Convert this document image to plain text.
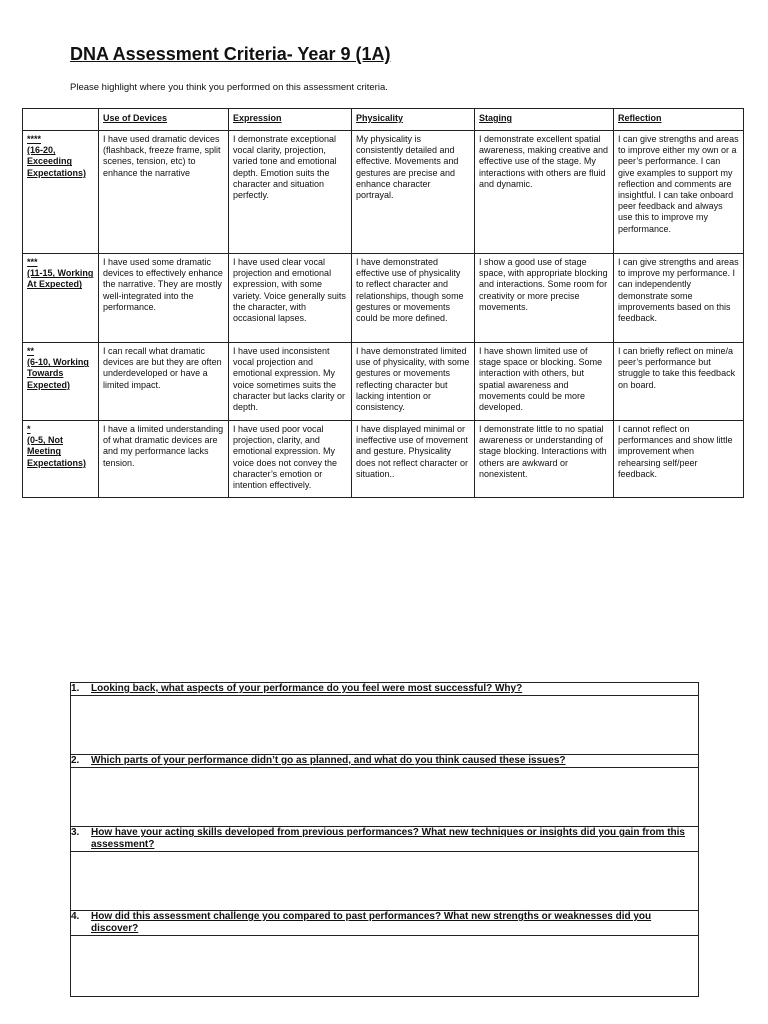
DNA Assessment Criteria- Year 9 (1A)

Please highlight where you think you performed on this assessment criteria.

	Use of Devices	Expression	Physicality	Staging	Reflection

****
(16-20, Exceeding Expectations)	I have used dramatic devices (flashback, freeze frame, split scenes, tension, etc) to enhance the narrative	I demonstrate exceptional vocal clarity, projection, varied tone and emotional depth. Emotion suits the character and situation perfectly.	My physicality is consistently detailed and effective. Movements and gestures are precise and enhance character portrayal.	I demonstrate excellent spatial awareness, making creative and effective use of the stage. My interactions with others are fluid and dynamic.	I can give strengths and areas to improve either my own or a peer’s performance. I can give examples to support my reflection and comments are insightful. I can take onboard peer feedback and always use this to improve my performance.

***
(11-15, Working At Expected)	I have used some dramatic devices to effectively enhance the narrative. They are mostly well-integrated into the performance.	I have used clear vocal projection and emotional expression, with some variety. Voice generally suits the character, with occasional lapses.	I have demonstrated effective use of physicality to reflect character and relationships, though some gestures or movements could be more defined.	I show a good use of stage space, with appropriate blocking and interactions. Some room for creativity or more precise movements.	I can give strengths and areas to improve my performance. I can independently demonstrate some improvements based on this feedback.

**
(6-10, Working Towards Expected)	I can recall what dramatic devices are but they are often underdeveloped or have a limited impact.	I have used inconsistent vocal projection and emotional expression. My voice sometimes suits the character but lacks clarity or depth.	I have demonstrated limited use of physicality, with some gestures or movements reflecting character but lacking intention or consistency.	I have shown limited use of stage space or blocking. Some interaction with others, but spatial awareness and movements could be more developed.	I can briefly reflect on mine/a peer’s performance but struggle to take this feedback on board.

*
(0-5, Not Meeting Expectations)	I have a limited understanding of what dramatic devices are and my performance lacks tension.	I have used poor vocal projection, clarity, and emotional expression. My voice does not convey the character’s emotion or intention effectively.	I have displayed minimal or ineffective use of movement and gesture. Physicality does not reflect character or situation..	I demonstrate little to no spatial awareness or understanding of stage blocking. Interactions with others are awkward or nonexistent.	I cannot reflect on performances and show little improvement when rehearsing self/peer feedback.
1.	Looking back, what aspects of your performance do you feel were most successful? Why?

2.	Which parts of your performance didn’t go as planned, and what do you think caused these issues?

3.	How have your acting skills developed from previous performances? What new techniques or insights did you gain from this assessment?

4.	How did this assessment challenge you compared to past performances? What new strengths or weaknesses did you discover?
